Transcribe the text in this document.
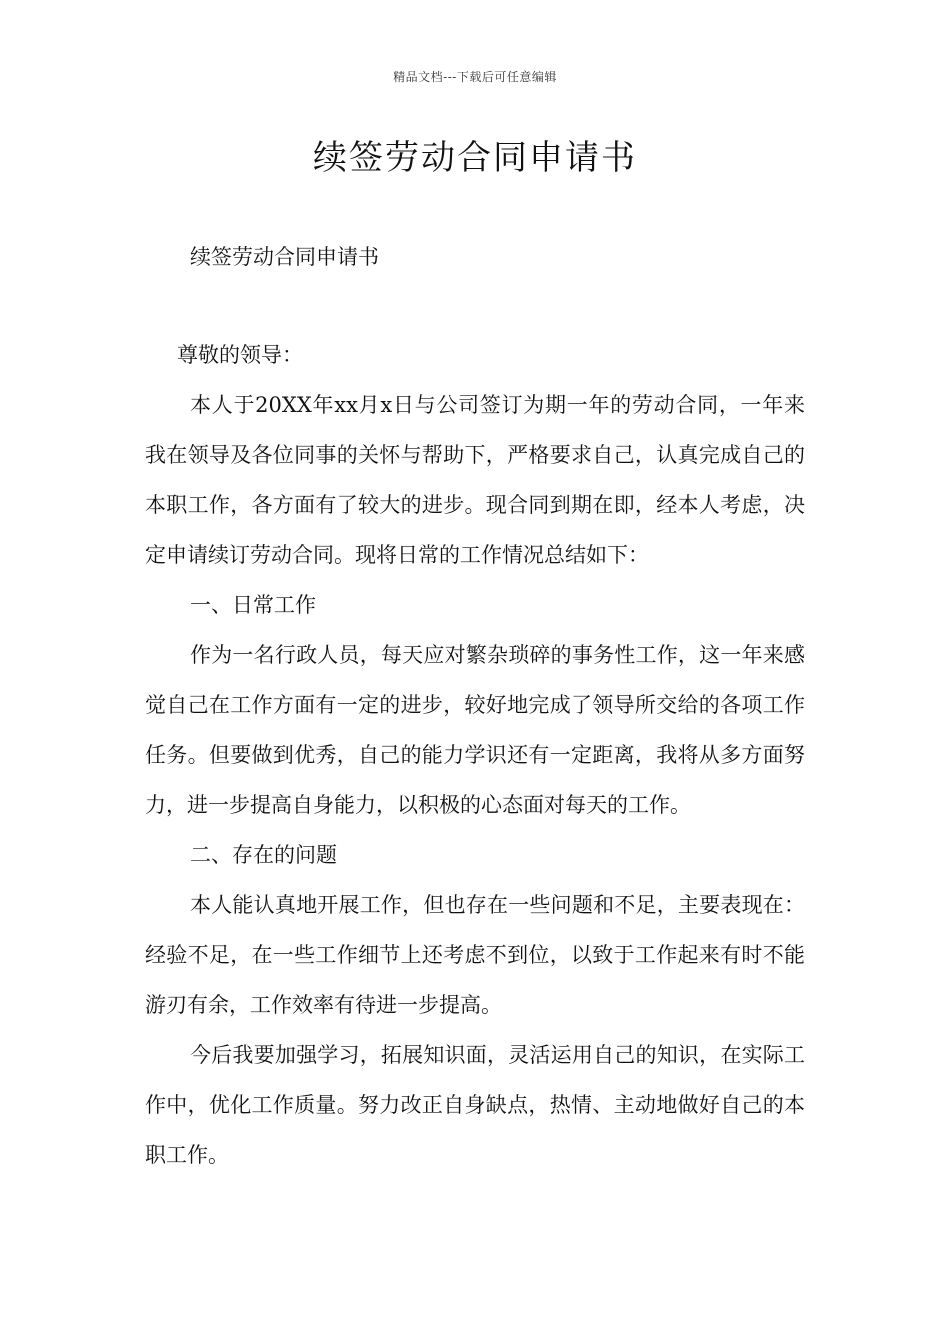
精品文档---下载后可任意编辑
续签劳动合同申请书

续签劳动合同申请书

尊敬的领导：

本人于20XX年xx月x日与公司签订为期一年的劳动合同，一年来我在领导及各位同事的关怀与帮助下，严格要求自己，认真完成自己的本职工作，各方面有了较大的进步。现合同到期在即，经本人考虑，决定申请续订劳动合同。现将日常的工作情况总结如下：

一、日常工作

作为一名行政人员，每天应对繁杂琐碎的事务性工作，这一年来感觉自己在工作方面有一定的进步，较好地完成了领导所交给的各项工作任务。但要做到优秀，自己的能力学识还有一定距离，我将从多方面努力，进一步提高自身能力，以积极的心态面对每天的工作。

二、存在的问题

本人能认真地开展工作，但也存在一些问题和不足，主要表现在：经验不足，在一些工作细节上还考虑不到位，以致于工作起来有时不能游刃有余，工作效率有待进一步提高。

今后我要加强学习，拓展知识面，灵活运用自己的知识，在实际工作中，优化工作质量。努力改正自身缺点，热情、主动地做好自己的本职工作。
